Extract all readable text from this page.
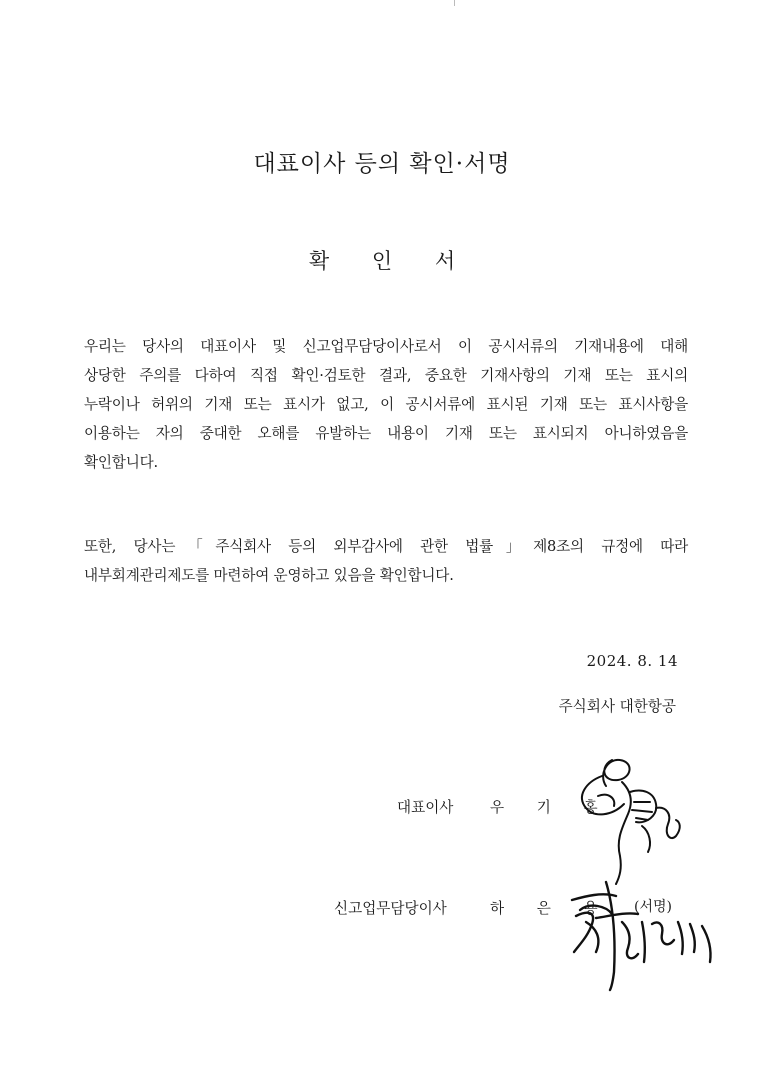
대표이사 등의 확인·서명
확 인 서
우리는 당사의 대표이사 및 신고업무담당이사로서 이 공시서류의 기재내용에 대해
상당한 주의를 다하여 직접 확인·검토한 결과, 중요한 기재사항의 기재 또는 표시의
누락이나 허위의 기재 또는 표시가 없고, 이 공시서류에 표시된 기재 또는 표시사항을
이용하는 자의 중대한 오해를 유발하는 내용이 기재 또는 표시되지 아니하였음을
확인합니다.
또한, 당사는「주식회사 등의 외부감사에 관한 법률」제8조의 규정에 따라
내부회계관리제도를 마련하여 운영하고 있음을 확인합니다.
2024. 8. 14
주식회사 대한항공
대표이사	우 기 홍
신고업무담당이사	하 은 용 (서명)
